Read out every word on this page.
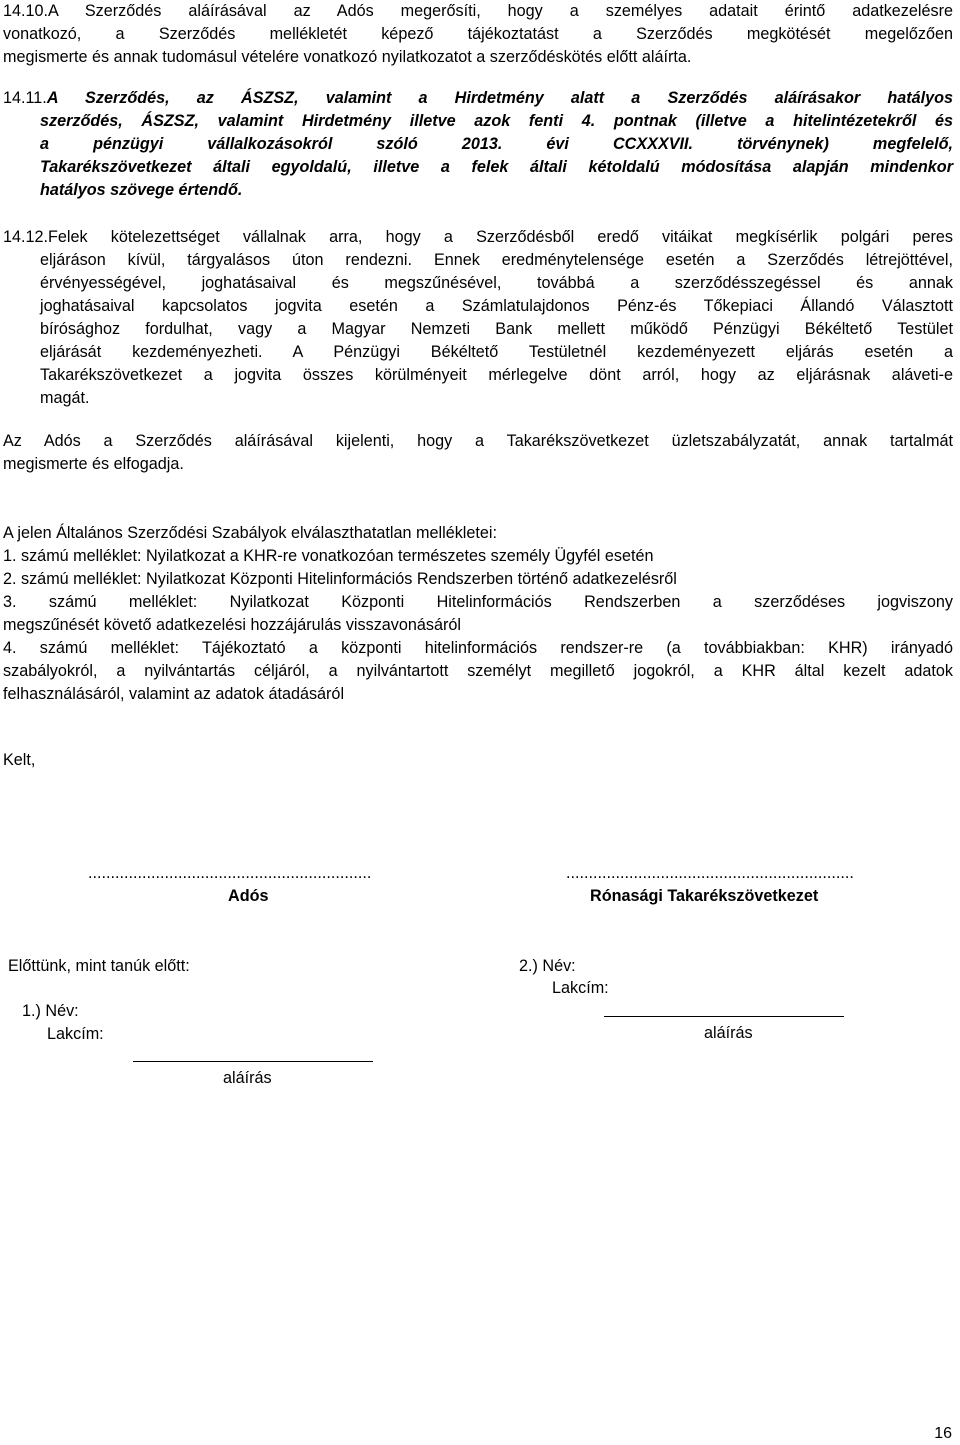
14.10.A Szerződés aláírásával az Adós megerősíti, hogy a személyes adatait érintő adatkezelésre
vonatkozó, a Szerződés mellékletét képező tájékoztatást a Szerződés megkötését megelőzően
megismerte és annak tudomásul vételére vonatkozó nyilatkozatot a szerződéskötés előtt aláírta.
14.11.A Szerződés, az ÁSZSZ, valamint a Hirdetmény alatt a Szerződés aláírásakor hatályos
szerződés, ÁSZSZ, valamint Hirdetmény illetve azok fenti 4. pontnak (illetve a hitelintézetekről és
a pénzügyi vállalkozásokról szóló 2013. évi CCXXXVII. törvénynek) megfelelő,
Takarékszövetkezet általi egyoldalú, illetve a felek általi kétoldalú módosítása alapján mindenkor
hatályos szövege értendő.
14.12.Felek kötelezettséget vállalnak arra, hogy a Szerződésből eredő vitáikat megkísérlik polgári peres
eljáráson kívül, tárgyalásos úton rendezni. Ennek eredménytelensége esetén a Szerződés létrejöttével,
érvényességével, joghatásaival és megszűnésével, továbbá a szerződésszegéssel és annak
joghatásaival kapcsolatos jogvita esetén a Számlatulajdonos Pénz-és Tőkepiaci Állandó Választott
bírósághoz fordulhat, vagy a Magyar Nemzeti Bank mellett működő Pénzügyi Békéltető Testület
eljárását kezdeményezheti. A Pénzügyi Békéltető Testületnél kezdeményezett eljárás esetén a
Takarékszövetkezet a jogvita összes körülményeit mérlegelve dönt arról, hogy az eljárásnak aláveti-e
magát.
Az Adós a Szerződés aláírásával kijelenti, hogy a Takarékszövetkezet üzletszabályzatát, annak tartalmát
megismerte és elfogadja.
A jelen Általános Szerződési Szabályok elválaszthatatlan mellékletei:
1. számú melléklet: Nyilatkozat a KHR-re vonatkozóan természetes személy Ügyfél esetén
2. számú melléklet: Nyilatkozat Központi Hitelinformációs Rendszerben történő adatkezelésről
3. számú melléklet: Nyilatkozat Központi Hitelinformációs Rendszerben a szerződéses jogviszony
megszűnését követő adatkezelési hozzájárulás visszavonásáról
4. számú melléklet: Tájékoztató a központi hitelinformációs rendszer-re (a továbbiakban: KHR) irányadó
szabályokról, a nyilvántartás céljáról, a nyilvántartott személyt megillető jogokról, a KHR által kezelt adatok
felhasználásáról, valamint az adatok átadásáról
Kelt,
...............................................................
Adós
................................................................
Rónasági Takarékszövetkezet
Előttünk, mint tanúk előtt:
1.) Név:
Lakcím:
aláírás
2.) Név:
Lakcím:
aláírás
16
